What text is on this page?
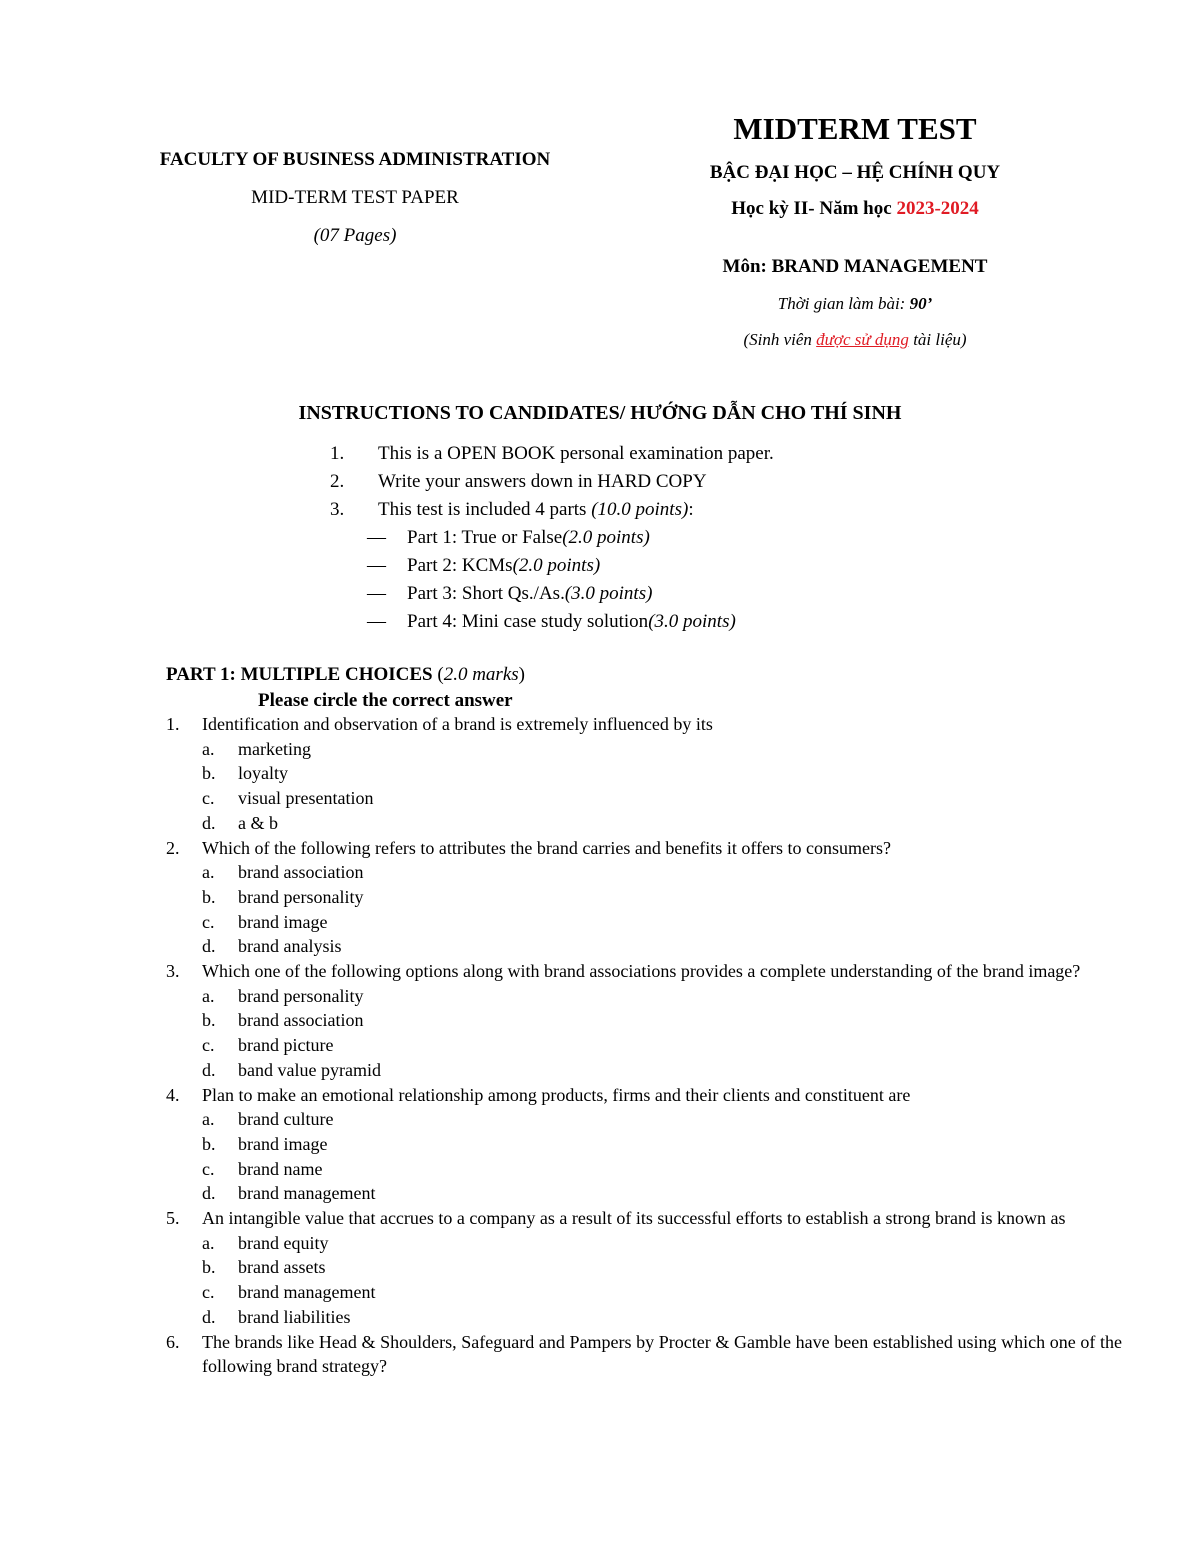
FACULTY OF BUSINESS ADMINISTRATION
MID-TERM TEST PAPER
(07 Pages)
MIDTERM TEST
BẬC ĐẠI HỌC – HỆ CHÍNH QUY
Học kỳ II- Năm học 2023-2024
Môn: BRAND MANAGEMENT
Thời gian làm bài: 90’
(Sinh viên được sử dụng tài liệu)
INSTRUCTIONS TO CANDIDATES/ HƯỚNG DẪN CHO THÍ SINH
1.	This is a OPEN BOOK personal examination paper.
2.	Write your answers down in HARD COPY
3.	This test is included 4 parts (10.0 points):
—	Part 1: True or False (2.0 points)
—	Part 2: KCMs (2.0 points)
—	Part 3: Short Qs./As. (3.0 points)
—	Part 4: Mini case study solution (3.0 points)
PART 1: MULTIPLE CHOICES (2.0 marks)
Please circle the correct answer
1.	Identification and observation of a brand is extremely influenced by its
a.	marketing
b.	loyalty
c.	visual presentation
d.	a & b
2.	Which of the following refers to attributes the brand carries and benefits it offers to consumers?
a.	brand association
b.	brand personality
c.	brand image
d.	brand analysis
3.	Which one of the following options along with brand associations provides a complete understanding of the brand image?
a.	brand personality
b.	brand association
c.	brand picture
d.	band value pyramid
4.	Plan to make an emotional relationship among products, firms and their clients and constituent are
a.	brand culture
b.	brand image
c.	brand name
d.	brand management
5.	An intangible value that accrues to a company as a result of its successful efforts to establish a strong brand is known as
a.	brand equity
b.	brand assets
c.	brand management
d.	brand liabilities
6.	The brands like Head & Shoulders, Safeguard and Pampers by Procter & Gamble have been established using which one of the following brand strategy?
